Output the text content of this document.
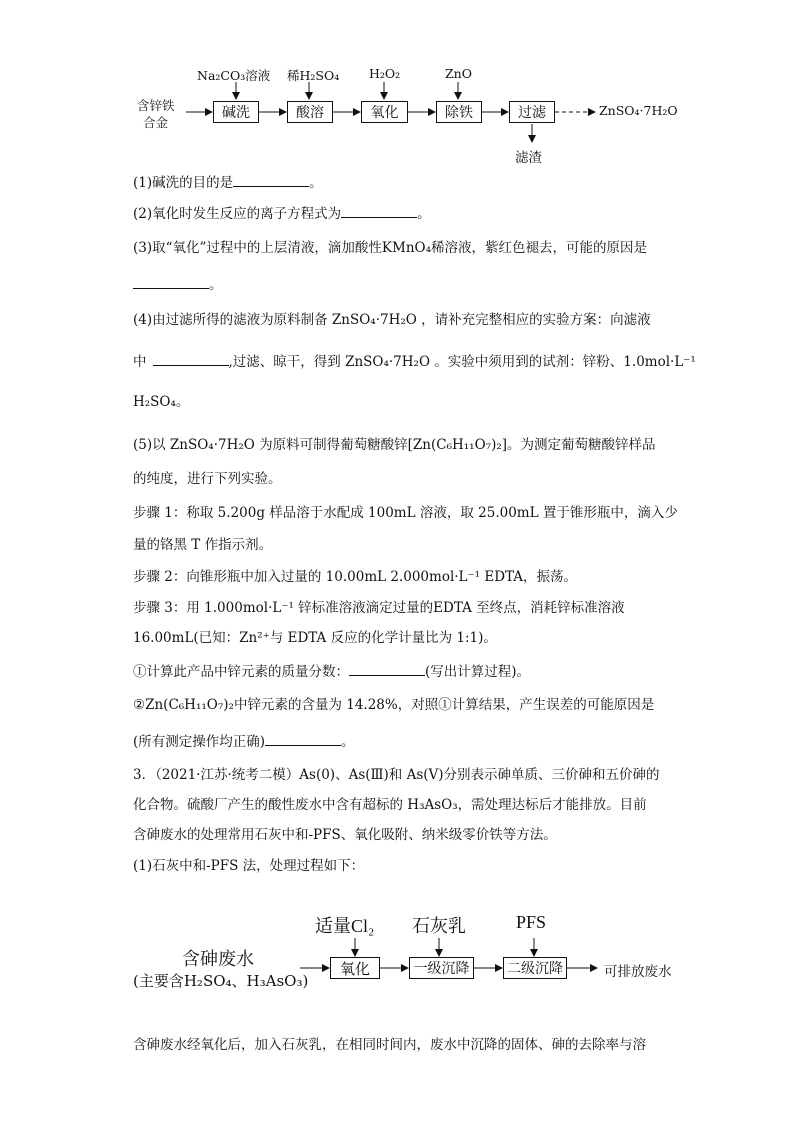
含锌铁
合金
Na₂CO₃溶液 稀H₂SO₄ H₂O₂	ZnO
碱洗	酸溶	氧化	除铁	过滤	ZnSO₄·7H₂O
滤渣
(1)碱洗的目的是	。
(2)氧化时发生反应的离子方程式为	。
(3)取“氧化”过程中的上层清液，滴加酸性KMnO₄稀溶液，紫红色褪去，可能的原因是
。
(4)由过滤所得的滤液为原料制备 ZnSO₄·7H₂O ，请补充完整相应的实验方案：向滤液
中	,过滤、晾干，得到 ZnSO₄·7H₂O 。实验中须用到的试剂：锌粉、1.0mol·L⁻¹
H₂SO₄。
(5)以 ZnSO₄·7H₂O 为原料可制得葡萄糖酸锌[Zn(C₆H₁₁O₇)₂]。为测定葡萄糖酸锌样品
的纯度，进行下列实验。
步骤 1：称取 5.200g 样品溶于水配成 100mL 溶液，取 25.00mL 置于锥形瓶中，滴入少
量的铬黑 T 作指示剂。
步骤 2：向锥形瓶中加入过量的 10.00mL 2.000mol·L⁻¹ EDTA，振荡。
步骤 3：用 1.000mol·L⁻¹ 锌标准溶液滴定过量的EDTA 至终点，消耗锌标准溶液
16.00mL(已知：Zn²⁺与 EDTA 反应的化学计量比为 1:1)。
①计算此产品中锌元素的质量分数：	(写出计算过程)。
②Zn(C₆H₁₁O₇)₂中锌元素的含量为 14.28%，对照①计算结果，产生误差的可能原因是
(所有测定操作均正确)	。
3．（2021·江苏·统考二模）As(0)、As(Ⅲ)和 As(Ⅴ)分别表示砷单质、三价砷和五价砷的
化合物。硫酸厂产生的酸性废水中含有超标的 H₃AsO₃，需处理达标后才能排放。目前
含砷废水的处理常用石灰中和-PFS、氧化吸附、纳米级零价铁等方法。
(1)石灰中和-PFS 法，处理过程如下：
含砷废水
(主要含H₂SO₄、H₃AsO₃)
适量Cl₂ 石灰乳	PFS
氧化	一级沉降	二级沉降	可排放废水
含砷废水经氧化后，加入石灰乳，在相同时间内，废水中沉降的固体、砷的去除率与溶
